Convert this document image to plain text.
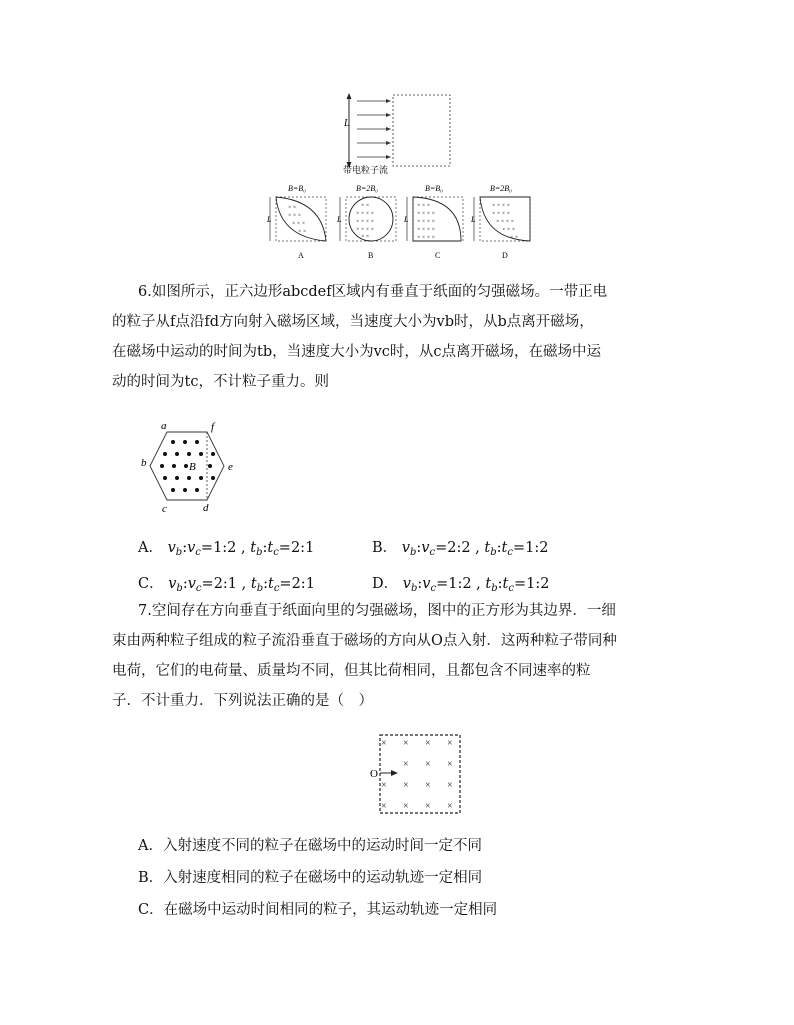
L
带电粒子流
B=B₀
L
× ×
× × ×
× × ×
× ×
A
B=2B₀
L
× ×
× × × ×
× × × ×
× × × ×
× ×
B
B=B₀
L
× × ×
× × × ×
× × × ×
× × × ×
× × × ×
C
B=2B₀
L
× × × ×
× × × ×
× × × ×
× × ×
× ×
D
6.如图所示，正六边形abcdef区域内有垂直于纸面的匀强磁场。一带正电
的粒子从f点沿fd方向射入磁场区域，当速度大小为vb时，从b点离开磁场，
在磁场中运动的时间为tb，当速度大小为vc时，从c点离开磁场，在磁场中运
动的时间为tc，不计粒子重力。则
a	f
b	e
c	d
B
A． $v_b:v_c=1:2$ , $t_b:t_c=2:1$	B． $v_b:v_c=2:2$ , $t_b:t_c=1:2$
C． $v_b:v_c=2:1$ , $t_b:t_c=2:1$	D． $v_b:v_c=1:2$ , $t_b:t_c=1:2$
7.空间存在方向垂直于纸面向里的匀强磁场，图中的正方形为其边界．一细
束由两种粒子组成的粒子流沿垂直于磁场的方向从O点入射．这两种粒子带同种
电荷，它们的电荷量、质量均不同，但其比荷相同，且都包含不同速率的粒
子．不计重力．下列说法正确的是（　）
× × × ×
× × ×
× × × ×
× × × ×
O
A．入射速度不同的粒子在磁场中的运动时间一定不同
B．入射速度相同的粒子在磁场中的运动轨迹一定相同
C．在磁场中运动时间相同的粒子，其运动轨迹一定相同
